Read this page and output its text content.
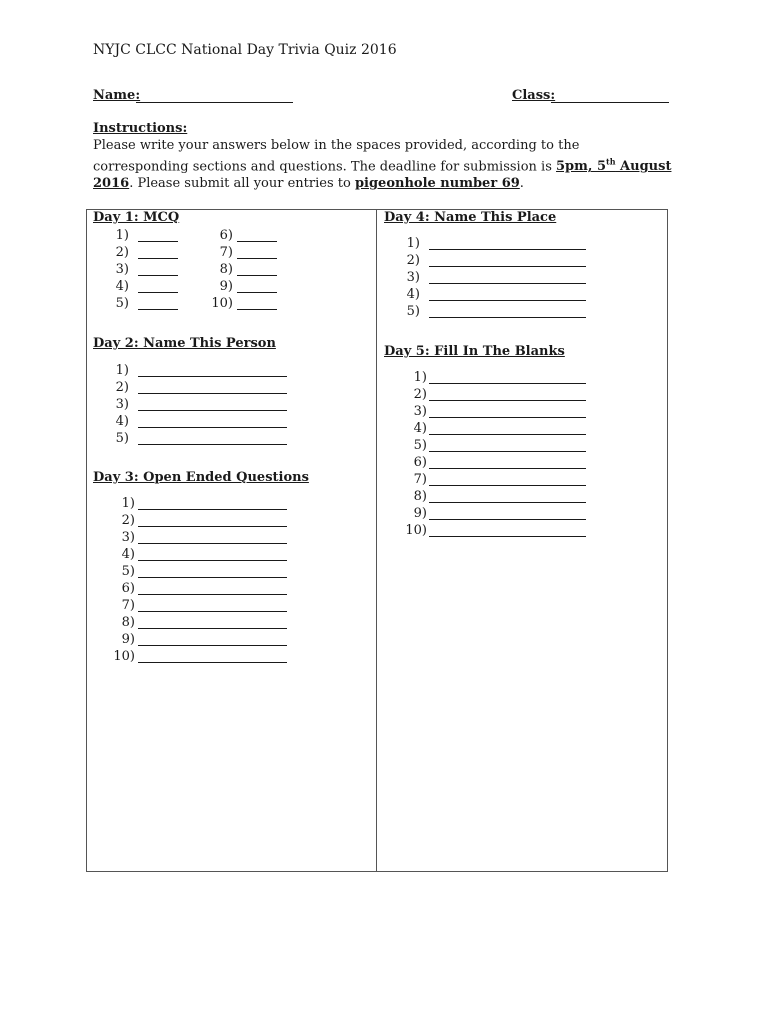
NYJC CLCC National Day Trivia Quiz 2016
Name:	Class:
Instructions:
Please write your answers below in the spaces provided, according to the corresponding sections and questions. The deadline for submission is 5pm, 5th August 2016. Please submit all your entries to pigeonhole number 69.
Day 1: MCQ
Day 2: Name This Person
Day 3: Open Ended Questions
Day 4: Name This Place
Day 5: Fill In The Blanks
1)
2)
3)
4)
5)
6)
7)
8)
9)
10)
1)
2)
3)
4)
5)
1)
2)
3)
4)
5)
6)
7)
8)
9)
10)
1)
2)
3)
4)
5)
1)
2)
3)
4)
5)
6)
7)
8)
9)
10)
